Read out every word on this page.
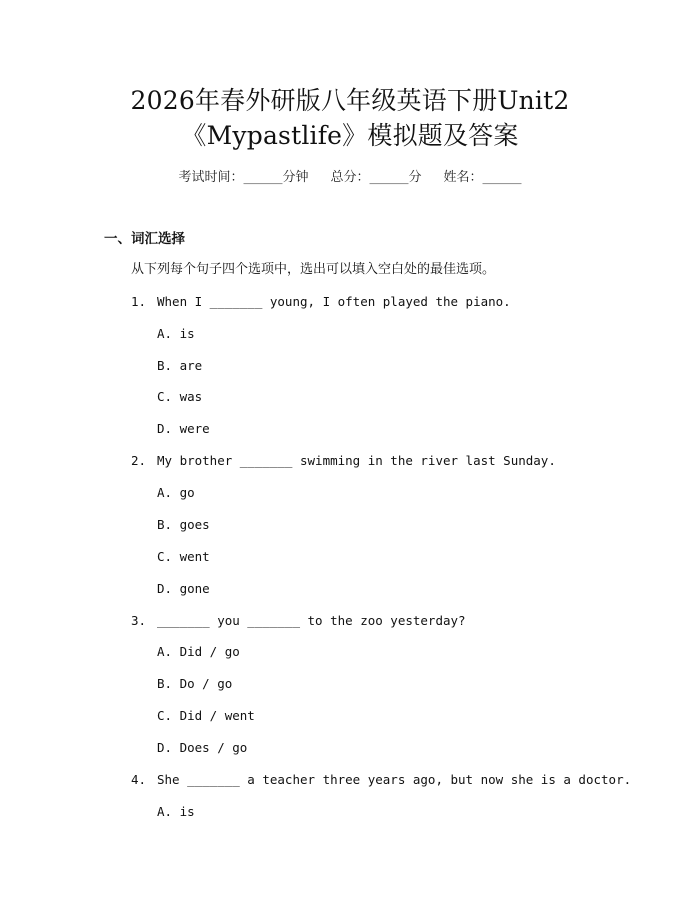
2026年春外研版八年级英语下册Unit2
《Mypastlife》模拟题及答案
考试时间：______分钟 总分：______分 姓名：______
一、词汇选择
从下列每个句子四个选项中，选出可以填入空白处的最佳选项。
1. When I _______ young, I often played the piano.
A. is
B. are
C. was
D. were
2. My brother _______ swimming in the river last Sunday.
A. go
B. goes
C. went
D. gone
3. _______ you _______ to the zoo yesterday?
A. Did / go
B. Do / go
C. Did / went
D. Does / go
4. She _______ a teacher three years ago, but now she is a doctor.
A. is
